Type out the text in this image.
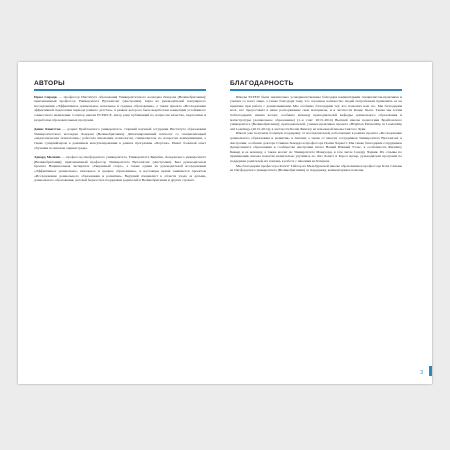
АВТОРЫ

Ирам Сирадж — профессор Института образования Университетского колледжа Лондона (Великобритания); приглашенный профессор Университета Вуллонгонг (Австралия). Одна из руководителей популярного исследования «Эффективное дошкольное, начальное и среднее образование», а также проекта «Исследование эффективной педагогики периода раннего детства», в рамках которого была выработана концепция устойчивого совместного мышления. Соавтор шкалы ECERS-E, автор ряда публикаций по вопросам качества, педагогики и разработки образовательных программ.

Денис Кингстон — доцент Брайтонского университета, старший научный сотрудник Института образования Университетского колледжа Лондона (Великобритания). Дипломированный психолог со специализацией «педагогическая психология»; работала школьным психологом, специалистом по вопросам коммуникации, а также супервайзером в домашнем консультировании в рамках программы «Портаж». Имеет большой опыт обучения по шкалам оценки среды.

Эдвард Мелхиш — профессор Оксфордского университета, Университета Биркбек, Лондонского университета (Великобритания); приглашенный профессор Университета Вуллонгонг (Австралия). Был руководителем проекта Национальная экспертиза «Уверенный старт», а также одним из руководителей исследования «Эффективное дошкольное, начальное и среднее образование», в настоящее время занимается проектом «Исследование дошкольного образования и развития». Ведущий специалист в области ухода за детьми, дошкольного образования, детской бедности и поддержки родителей в Великобритании и других странах.

БЛАГОДАРНОСТЬ

Шкалы SSTEW были значительно усовершенствованы благодаря комментариям специалистов-практиков и ученых со всего мира, а также благодаря тому, что огромное количество людей попробовали применить ее на практике при работе с дошкольниками. Мы особенно благодарим тех, кто позволил нам это. Мы благодарим всех, кто предоставил в наше распоряжение свои материалы, и в частности Канде Хьюз. Также мы хотим поблагодарить наших коллег, особенно команду преподавателей кафедры дошкольного образования и магистратуры (дошкольное образование) (1–я этап: 2013–2014) Высшей школы педагогики Брайтонского университета (Великобритания); преподавателей, ученых-практиков проекта «Brighton Partnership in Leadership and Learning» (2013–2014), в частности Белли Финлоу из начальной школы Святого Луки.

Шкала уже получила большую поддержку от исследователей, работающих в рамках проекта «Исследование дошкольного образования и развития» в Англии, а также от многих сотрудников Университета Вуллонгонг в Австралии, особенно доктора Стивена Ховарда и профессора Полин Харкотт. Мы также благодарим сотрудников Департамента образования и сообщества Австралии штата Новый Южный Уэльс, в особенности Филлипу Беккер и ее команду, а также коллег из Университета Маккуори, в том числе Сандру Чэдвик. Их отзывы по применению шкалы помогли значительно улучшить ее. Лиз Ловатт и Кэрол Арчер, руководители программ по поддержке родителей, их помощь в работе с шкалами из Кэмдена.

Мы благодарим профессора Кэлетт Тайлор из Мельбурнской школы образования и профессора Кэти Сильвы из Оксфордского университета (Великобритания) за поддержку, комментарии и помощь.

3
